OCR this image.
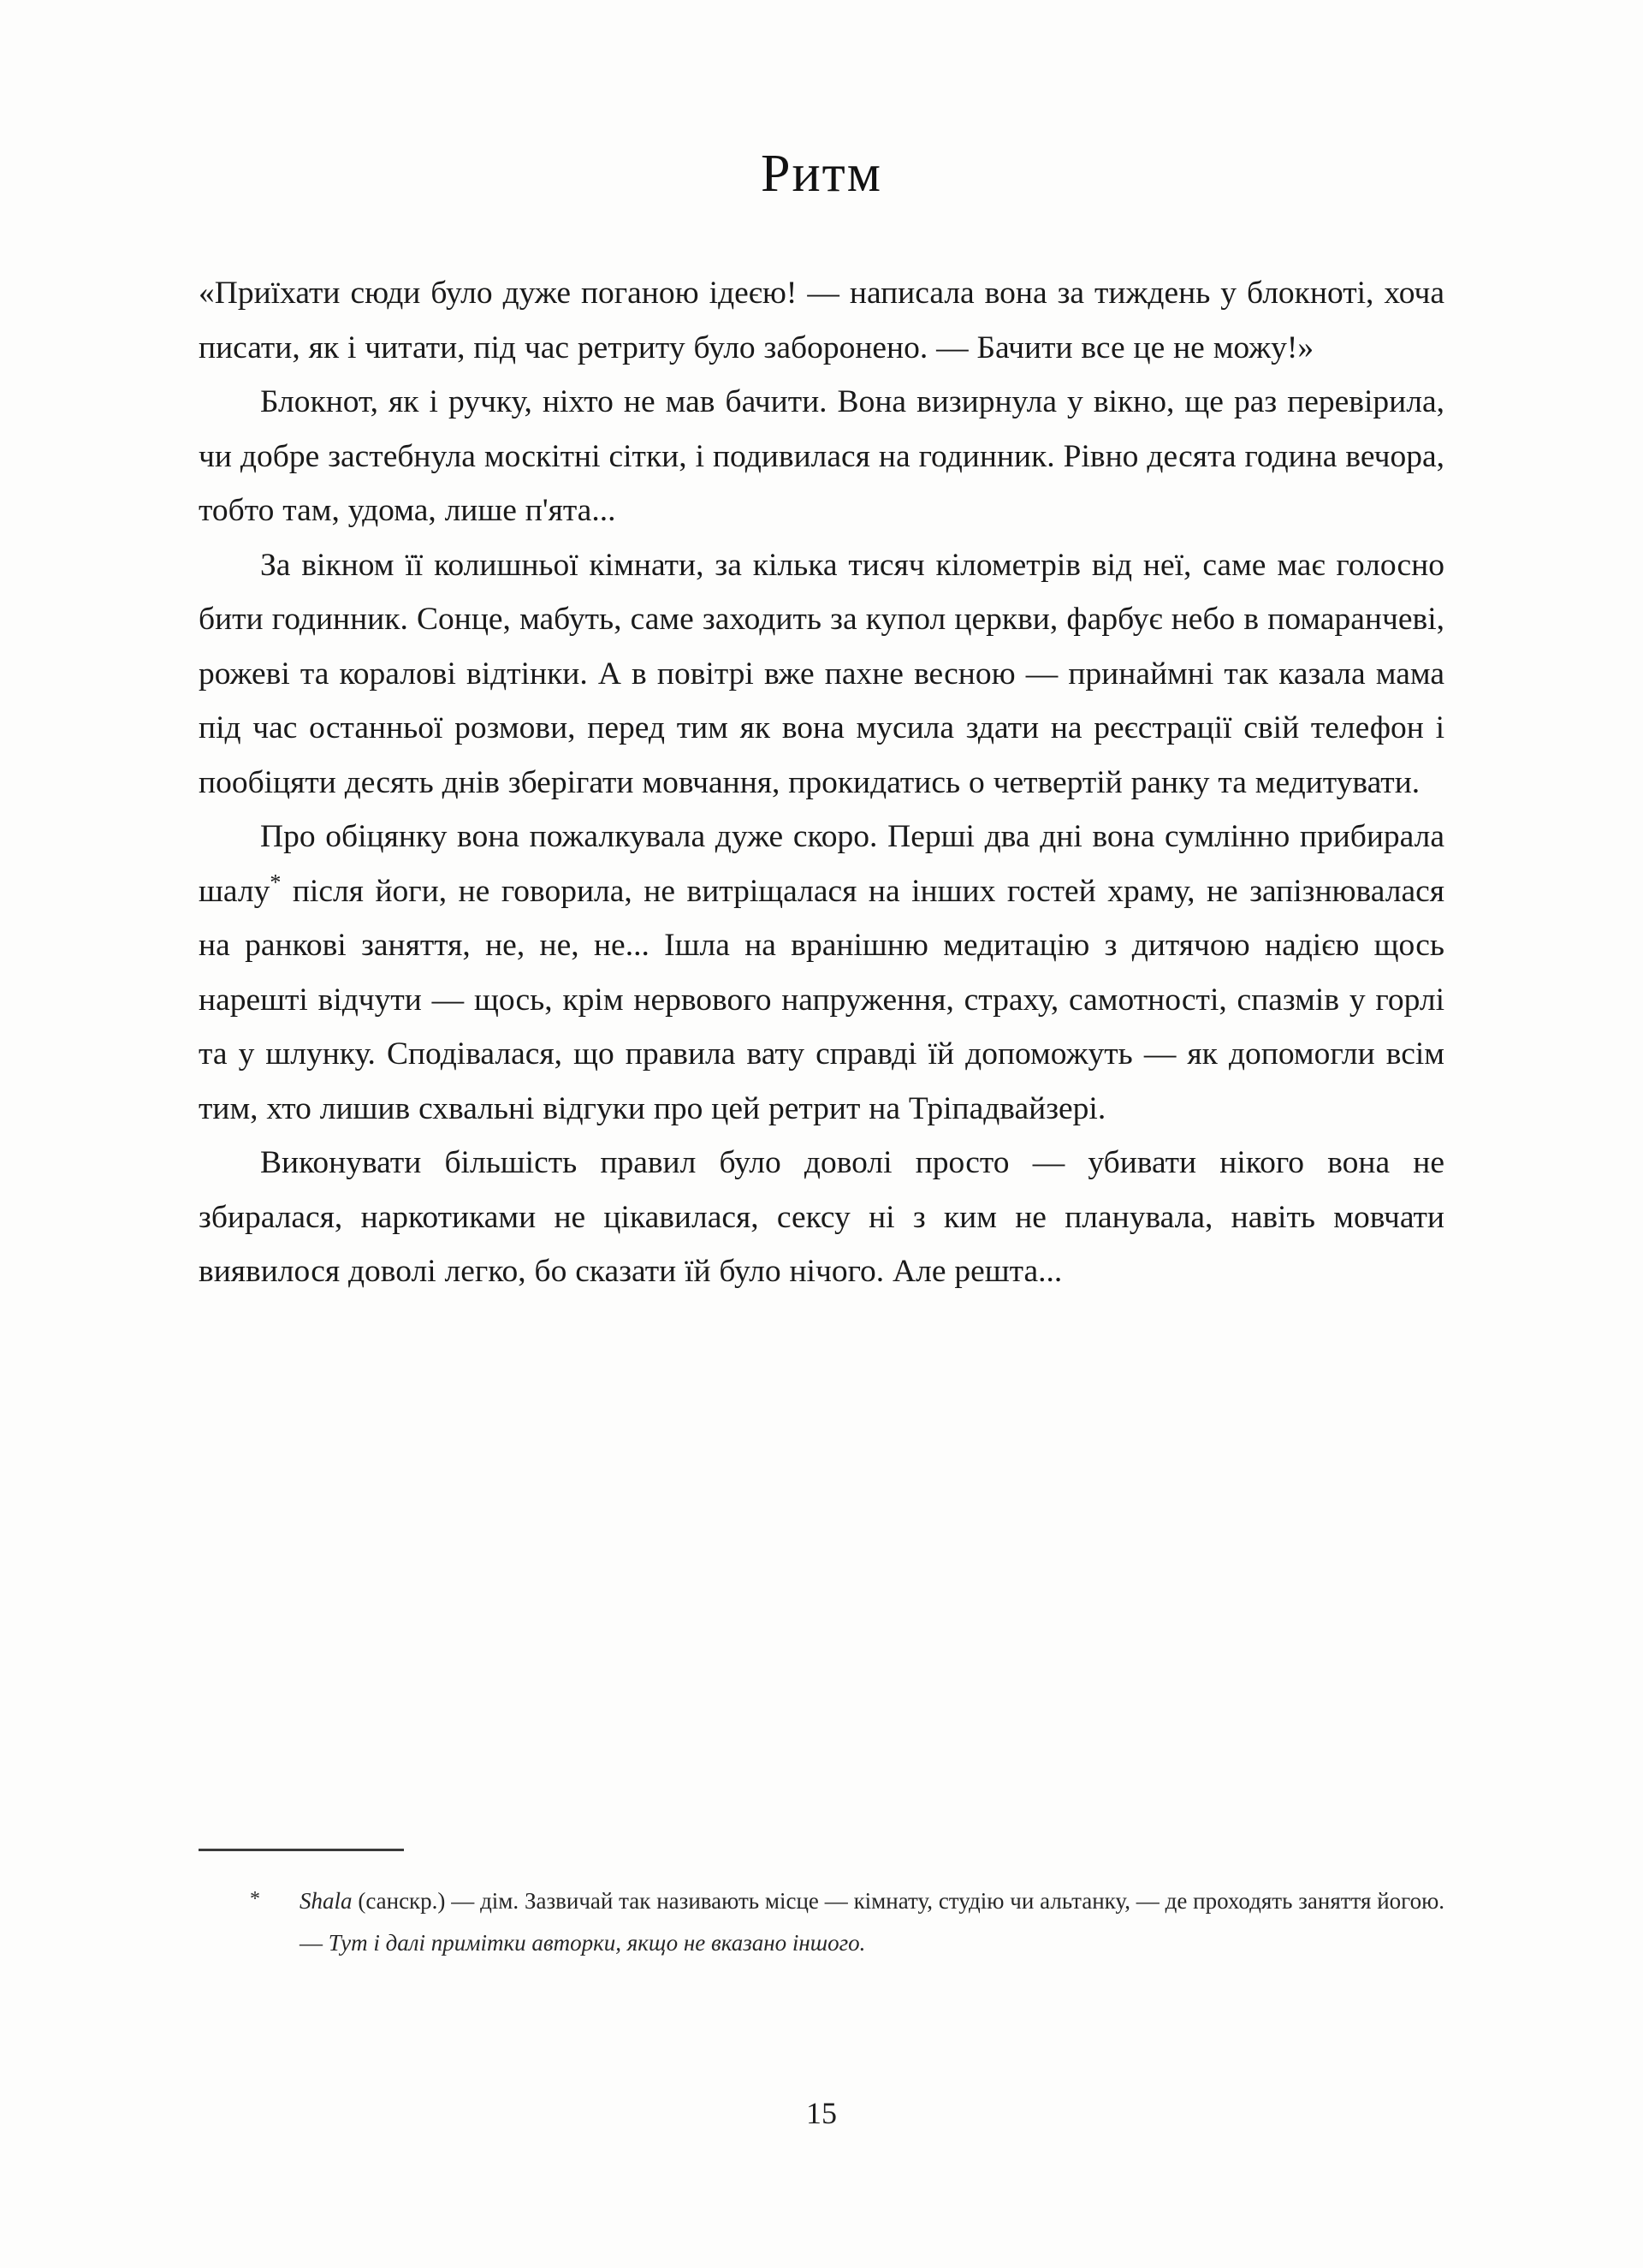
Ритм

«Приїхати сюди було дуже поганою ідеєю! — написала вона за тиждень у блокноті, хоча писати, як і читати, під час ретриту було заборонено. — Бачити все це не можу!»

Блокнот, як і ручку, ніхто не мав бачити. Вона визирнула у вікно, ще раз перевірила, чи добре застебнула москітні сітки, і подивилася на годинник. Рівно десята година вечора, тобто там, удома, лише п'ята...

За вікном її колишньої кімнати, за кілька тисяч кілометрів від неї, саме має голосно бити годинник. Сонце, мабуть, саме заходить за купол церкви, фарбує небо в помаранчеві, рожеві та коралові відтінки. А в повітрі вже пахне весною — принаймні так казала мама під час останньої розмови, перед тим як вона мусила здати на реєстрації свій телефон і пообіцяти десять днів зберігати мовчання, прокидатись о четвертій ранку та медитувати.

Про обіцянку вона пожалкувала дуже скоро. Перші два дні вона сумлінно прибирала шалу* після йоги, не говорила, не витріщалася на інших гостей храму, не запізнювалася на ранкові заняття, не, не, не... Ішла на вранішню медитацію з дитячою надією щось нарешті відчути — щось, крім нервового напруження, страху, самотності, спазмів у горлі та у шлунку. Сподівалася, що правила вату справді їй допоможуть — як допомогли всім тим, хто лишив схвальні відгуки про цей ретрит на Тріпадвайзері.

Виконувати більшість правил було доволі просто — убивати нікого вона не збиралася, наркотиками не цікавилася, сексу ні з ким не планувала, навіть мовчати виявилося доволі легко, бо сказати їй було нічого. Але решта...

*	Shala (санскр.) — дім. Зазвичай так називають місце — кімнату, студію чи альтанку, — де проходять заняття йогою. — Тут і далі примітки авторки, якщо не вказано іншого.
15
